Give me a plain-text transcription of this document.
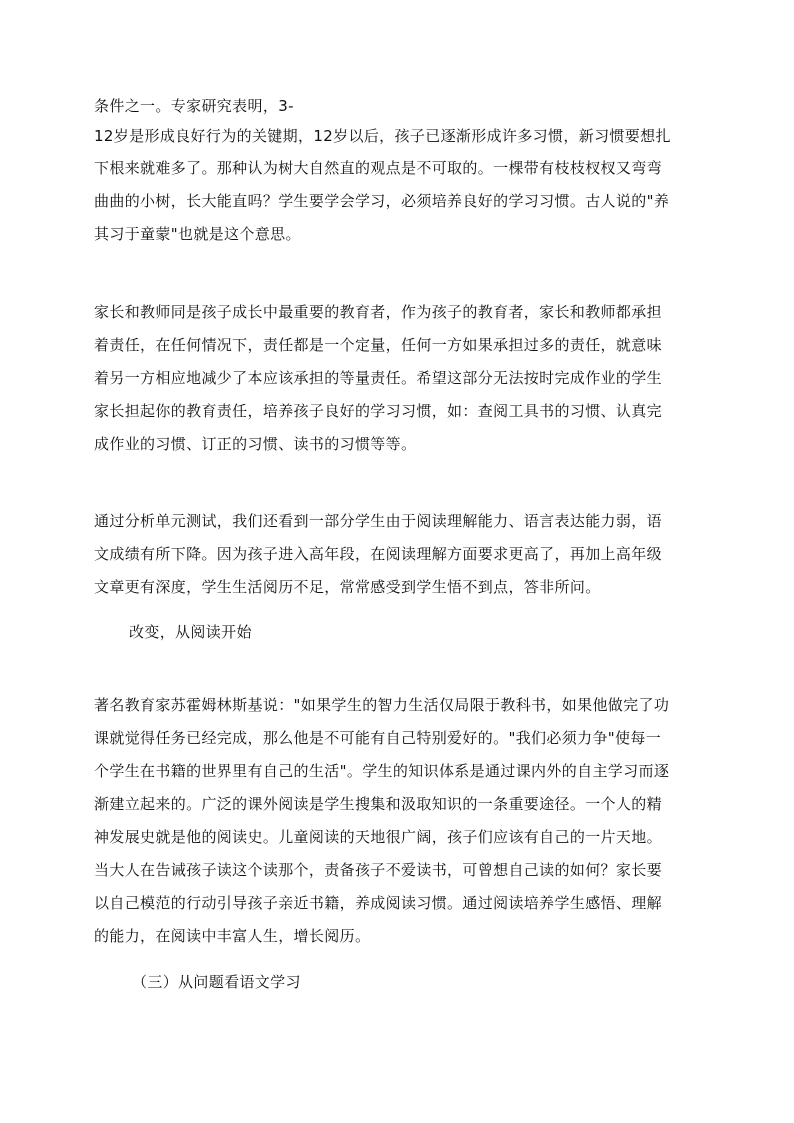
条件之一。专家研究表明，3-
12岁是形成良好行为的关键期，12岁以后，孩子已逐渐形成许多习惯，新习惯要想扎
下根来就难多了。那种认为树大自然直的观点是不可取的。一棵带有枝枝杈杈又弯弯
曲曲的小树，长大能直吗？学生要学会学习，必须培养良好的学习习惯。古人说的"养
其习于童蒙"也就是这个意思。
家长和教师同是孩子成长中最重要的教育者，作为孩子的教育者，家长和教师都承担
着责任，在任何情况下，责任都是一个定量，任何一方如果承担过多的责任，就意味
着另一方相应地减少了本应该承担的等量责任。希望这部分无法按时完成作业的学生
家长担起你的教育责任，培养孩子良好的学习习惯，如：查阅工具书的习惯、认真完
成作业的习惯、订正的习惯、读书的习惯等等。
通过分析单元测试，我们还看到一部分学生由于阅读理解能力、语言表达能力弱，语
文成绩有所下降。因为孩子进入高年段，在阅读理解方面要求更高了，再加上高年级
文章更有深度，学生生活阅历不足，常常感受到学生悟不到点，答非所问。
改变，从阅读开始
著名教育家苏霍姆林斯基说："如果学生的智力生活仅局限于教科书，如果他做完了功
课就觉得任务已经完成，那么他是不可能有自己特别爱好的。"我们必须力争"使每一
个学生在书籍的世界里有自己的生活"。学生的知识体系是通过课内外的自主学习而逐
渐建立起来的。广泛的课外阅读是学生搜集和汲取知识的一条重要途径。一个人的精
神发展史就是他的阅读史。儿童阅读的天地很广阔，孩子们应该有自己的一片天地。
当大人在告诫孩子读这个读那个，责备孩子不爱读书，可曾想自己读的如何？家长要
以自己模范的行动引导孩子亲近书籍，养成阅读习惯。通过阅读培养学生感悟、理解
的能力，在阅读中丰富人生，增长阅历。
（三）从问题看语文学习
